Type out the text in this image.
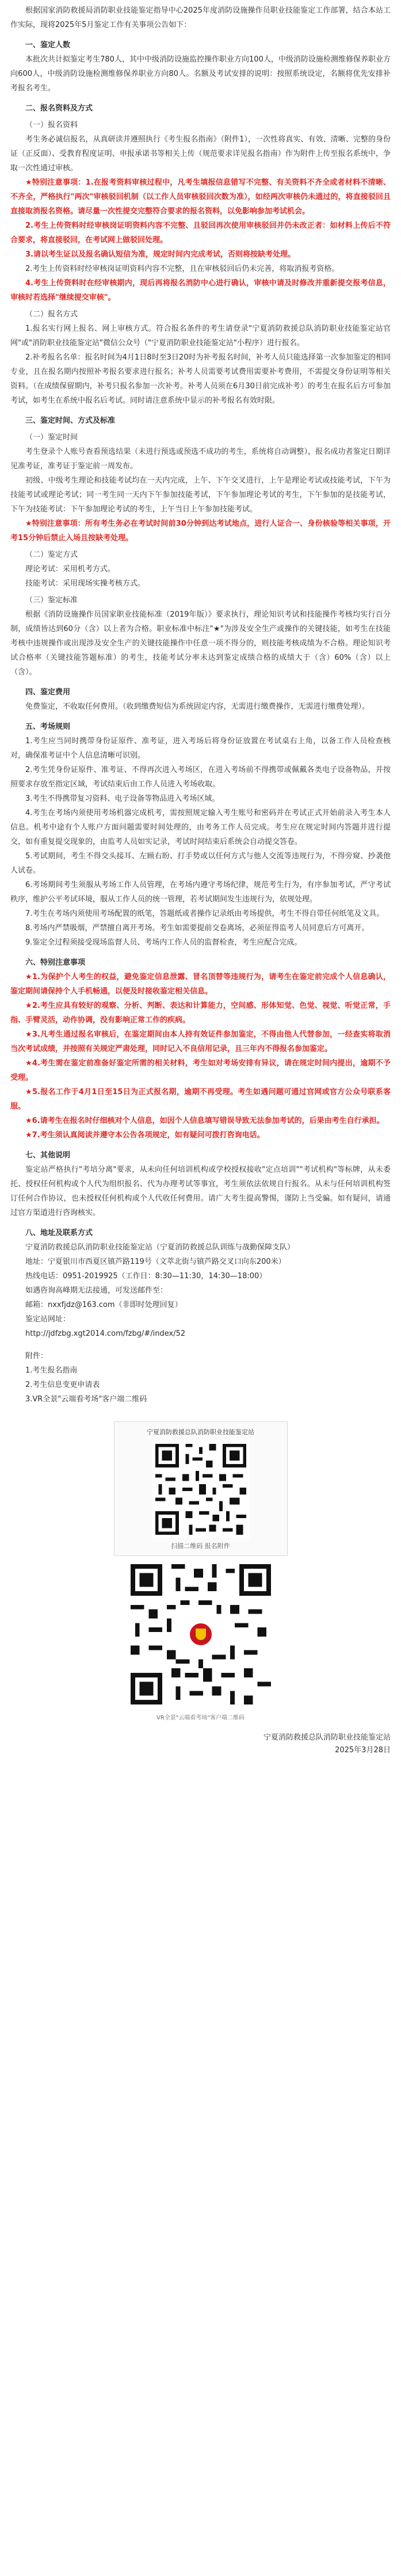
根据国家消防救援局消防职业技能鉴定指导中心2025年度消防设施操作员职业技能鉴定工作部署，结合本站工作实际，现将2025年5月鉴定工作有关事项公告如下：

一、鉴定人数

本批次共计拟鉴定考生780人，其中中级消防设施监控操作职业方向100人，中级消防设施检测维修保养职业方向600人，中级消防设施检测维修保养职业方向80人。名额及考试安排的说明：按照系统设定，名额将优先安排补考报名考生。

二、报名资料及方式

（一）报名资料

考生务必诚信报名，从真研读并遵照执行《考生报名指南》（附件1），一次性将真实、有效、清晰、完整的身份证（正反面）、受教育程度证明、申报承诺书等相关上传（规范要求详见报名指南）作为附件上传至报名系统中，争取一次性通过审核。

★特别注意事项：1.在报考资料审核过程中，凡考生填报信息错写不完整、有关资料不齐全或者材料不清晰、不齐全，严格执行"两次"审核驳回机制（以工作人员审核驳回次数为准），如经两次审核仍未通过的，将直接驳回且直接取消报名资格。请尽量一次性提交完整符合要求的报名资料，以免影响参加考试机会。

2.考生上传资料时经审核岗证明资料内容不完整、且驳回再次使用审核驳回并仍未改正者：如材料上传后不符合要求，将直接驳回，在考试网上做驳回处理。

3.请以考生证以及报名确认短信为准，规定时间内完成考试，否则将按缺考处理。

2.考生上传资料时经审核岗证明资料内容不完整，且在审核驳回后仍未完善，将取消报考资格。

4.考生上传资料时在经审核期内，现后再将报名消防中心进行确认，审核中请及时修改并重新提交报考信息，审核时若选择"继续提交审核"。

（二）报名方式

1.报名实行网上报名、网上审核方式。符合报名条件的考生请登录"宁夏消防救援总队消防职业技能鉴定站官网"或"消防职业技能鉴定站"微信公众号（"宁夏消防职业技能鉴定站"小程序）进行报名。

2.补考报名名单：报名时间为4月1日8时至3日20时为补考报名时间，补考人员只能选择第一次参加鉴定的相同专业，且在报名期内按照补考报名要求进行报名；补考人员需要考试费用需要补考费用，不需提交身份证明等相关资料。（在成绩保留期内，补考只报名参加一次补考。补考人员须在6月30日前完成补考）的考生在报名后方可参加考试，如考生在系统中报名后考试。同时请注意系统中显示的补考报名有效时限。

三、鉴定时间、方式及标准

（一）鉴定时间

考生登录个人账号查看预选结果（未进行预选或预选不成功的考生，系统将自动调整），报名成功者鉴定日期详见准考证，准考证于鉴定前一周发布。

初级、中级考生理论和技能考试均在一天内完成，上午、下午交叉进行，上午是理论考试或技能考试，下午为技能考试或理论考试；同一考生同一天内下午参加技能考试，下午参加理论考试的考生，下午参加的是技能考试，下午为技能考试：下午参加理论考试的考生，上午当日上午参加技能考试。

★特别注意事项：所有考生务必在考试时间前30分钟到达考试地点，进行人证合一、身份核验等相关事项，开考15分钟后禁止入场且按缺考处理。

（二）鉴定方式

理论考试：采用机考方式。

技能考试：采用现场实操考核方式。

（三）鉴定标准

根据《消防设施操作员国家职业技能标准（2019年版）》要求执行，理论知识考试和技能操作考核均实行百分制，成绩皆达到60分（含）以上者为合格。职业标准中标注"★"为涉及安全生产或操作的关键技能，如考生在技能考核中违规操作或出现涉及安全生产的关键技能操作中任意一项不得分的，则技能考核成绩为不合格。理论知识考试合格率（关键技能答题标准）的考生，技能考试分率未达到鉴定成绩合格的成绩大于（含）60%（含）以上（含）。

四、鉴定费用

免费鉴定，不收取任何费用。（收到缴费短信为系统固定内容，无需进行缴费操作，无需进行缴费处理）。

五、考场规则

1.考生应当同时携带身份证原件、准考证，进入考场后将身份证放置在考试桌右上角，以备工作人员检查核对，确保准考证中个人信息清晰可识别。

2.考生凭身份证原件、准考证、不得再次进入考场区，在进入考场前不得携带或佩戴各类电子设备物品，并按照要求存放至指定区域，考试结束后由工作人员进入考场收取。

3.考生不得携带复习资料、电子设备等物品进入考场区域。

4.考生在考场内须使用考场机器完成机考，需按照规定输入考生账号和密码并在考试正式开始前录入考生本人信息。机考中途有个人账户方面问题需要时间处理的，由考务工作人员完成。考生应在规定时间内答题并进行提交，如有重复提交现象的，由监考人员如实记录，考试时间结束后系统会自动提交答卷。

5.考试期间，考生不得交头接耳、左顾右盼、打手势或以任何方式与他人交流等违规行为，不得旁窥、抄袭他人试卷。

6.考场期间考生须服从考场工作人员管理，在考场内遵守考场纪律，规范考生行为，有序参加考试，严守考试秩序，维护公平考试环境，服从工作人员的统一管理，若考试期间发生违规行为，依规处理。

7.考生在考场内须使用考场配置的纸笔，答题纸或者操作记录纸由考场提供，考生不得自带任何纸笔及文具。

8.考场内严禁吸烟，严禁擅自离开考场。考生如需要提前交卷离场，必须征得监考人员同意后方可离开。

9.鉴定全过程须接受现场监督人员、考场内工作人员的监督检查，考生应配合完成。

六、特别注意事项

★1.为保护个人考生的权益，避免鉴定信息泄露、冒名顶替等违规行为，请考生在鉴定前完成个人信息确认，鉴定期间请保持个人手机畅通，以便及时接收鉴定相关信息。

★2.考生应具有较好的观察、分析、判断、表达和计算能力，空间感、形体知觉、色觉、视觉、听觉正常，手指、手臂灵活，动作协调，没有影响正常工作的疾病。

★3.凡考生通过报名审核后，在鉴定期间由本人持有效证件参加鉴定，不得由他人代替参加，一经查实将取消当次考试成绩，并按照有关规定严肃处理，同时记入不良信用记录，且三年内不得报名参加鉴定。

★4.考生需在鉴定前准备好鉴定所需的相关材料，考生如对考场安排有异议，请在规定时间内提出，逾期不予受理。

★5.报名工作于4月1日至15日为正式报名期，逾期不再受理。考生如遇问题可通过官网或官方公众号联系客服。

★6.请考生在报名时仔细核对个人信息，如因个人信息填写错误导致无法参加考试的，后果由考生自行承担。

★7.考生须认真阅读并遵守本公告各项规定，如有疑问可拨打咨询电话。

七、其他说明

鉴定站严格执行"考培分离"要求，从未向任何培训机构或学校授权接收"定点培训""考试机构"等标牌，从未委托、授权任何机构或个人代为组织报名、代为办理考试等事宜，考生须依法依规自行报名。从未与任何培训机构签订任何合作协议，也未授权任何机构或个人代收任何费用。请广大考生提高警惕，谨防上当受骗。如有疑问，请通过官方渠道进行咨询核实。

八、地址及联系方式

宁夏消防救援总队消防职业技能鉴定站（宁夏消防救援总队训练与战勤保障支队）

地址：宁夏银川市西夏区镇芦路119号（文萃北街与镇芦路交叉口向东200米）

热线电话：0951-2019925（工作日：8:30—11:30，14:30—18:00）

如遇咨询高峰期无法接通，可发送邮件至：

邮箱：nxxfjdz@163.com（非即时处理回复）

鉴定站网址：

http://jdfzbg.xgt2014.com/fzbg/#/index/52

附件：

1.考生报名指南

2.考生信息变更申请表

3.VR全景"云端看考场"客户端二维码

宁夏消防救援总队消防职业技能鉴定站
扫描二维码 报名附件
VR全景"云端看考场"客户端二维码
宁夏消防救援总队消防职业技能鉴定站
2025年3月28日
